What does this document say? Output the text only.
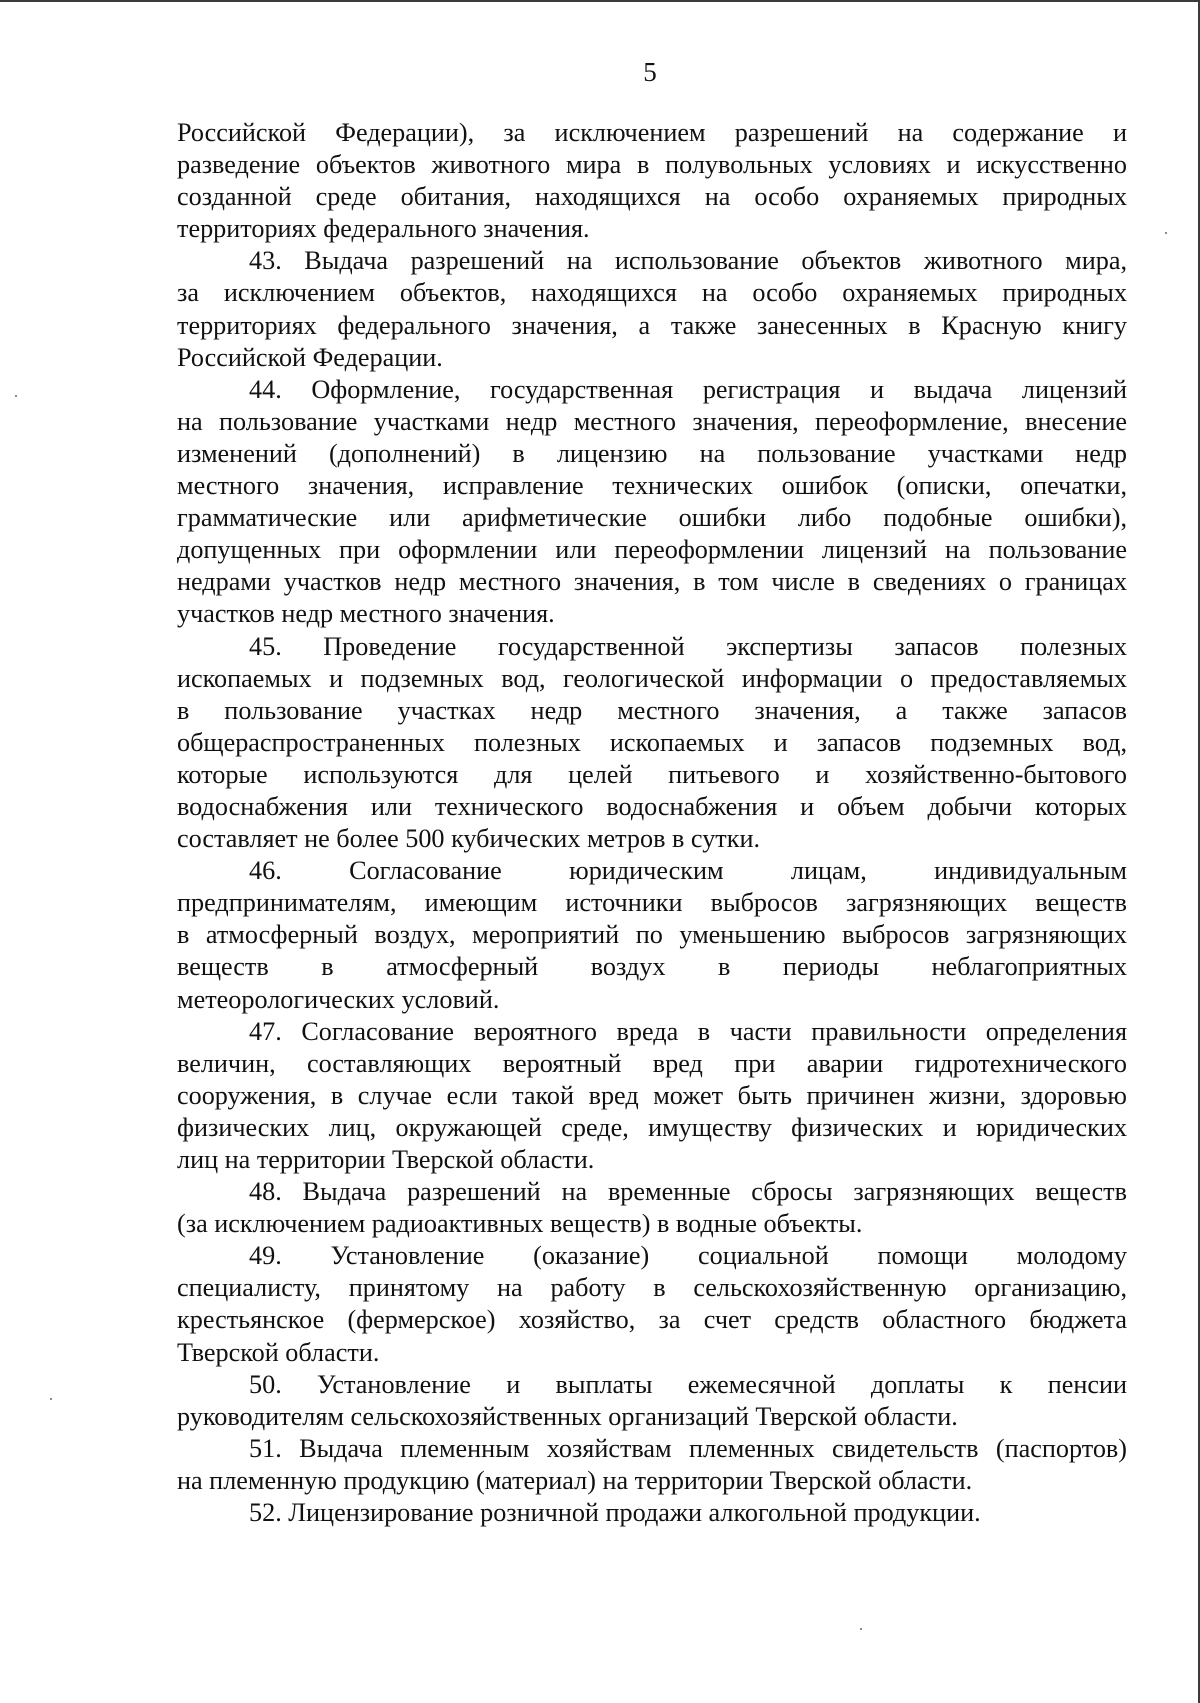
5
Российской Федерации), за исключением разрешений на содержание и
разведение объектов животного мира в полувольных условиях и искусственно
созданной среде обитания, находящихся на особо охраняемых природных
территориях федерального значения.
43. Выдача разрешений на использование объектов животного мира,
за исключением объектов, находящихся на особо охраняемых природных
территориях федерального значения, а также занесенных в Красную книгу
Российской Федерации.
44. Оформление, государственная регистрация и выдача лицензий
на пользование участками недр местного значения, переоформление, внесение
изменений (дополнений) в лицензию на пользование участками недр
местного значения, исправление технических ошибок (описки, опечатки,
грамматические или арифметические ошибки либо подобные ошибки),
допущенных при оформлении или переоформлении лицензий на пользование
недрами участков недр местного значения, в том числе в сведениях о границах
участков недр местного значения.
45. Проведение государственной экспертизы запасов полезных
ископаемых и подземных вод, геологической информации о предоставляемых
в пользование участках недр местного значения, а также запасов
общераспространенных полезных ископаемых и запасов подземных вод,
которые используются для целей питьевого и хозяйственно-бытового
водоснабжения или технического водоснабжения и объем добычи которых
составляет не более 500 кубических метров в сутки.
46. Согласование юридическим лицам, индивидуальным
предпринимателям, имеющим источники выбросов загрязняющих веществ
в атмосферный воздух, мероприятий по уменьшению выбросов загрязняющих
веществ в атмосферный воздух в периоды неблагоприятных
метеорологических условий.
47. Согласование вероятного вреда в части правильности определения
величин, составляющих вероятный вред при аварии гидротехнического
сооружения, в случае если такой вред может быть причинен жизни, здоровью
физических лиц, окружающей среде, имуществу физических и юридических
лиц на территории Тверской области.
48. Выдача разрешений на временные сбросы загрязняющих веществ
(за исключением радиоактивных веществ) в водные объекты.
49. Установление (оказание) социальной помощи молодому
специалисту, принятому на работу в сельскохозяйственную организацию,
крестьянское (фермерское) хозяйство, за счет средств областного бюджета
Тверской области.
50. Установление и выплаты ежемесячной доплаты к пенсии
руководителям сельскохозяйственных организаций Тверской области.
51. Выдача племенным хозяйствам племенных свидетельств (паспортов)
на племенную продукцию (материал) на территории Тверской области.
52. Лицензирование розничной продажи алкогольной продукции.
